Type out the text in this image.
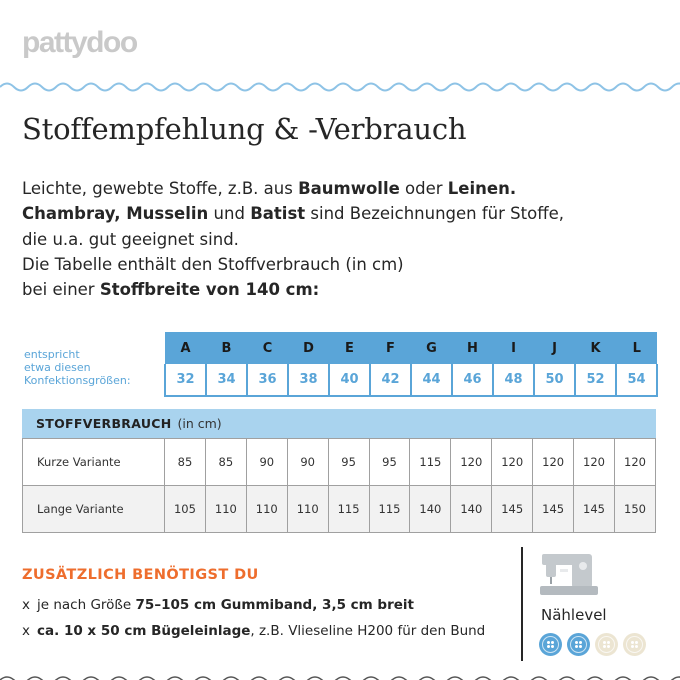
pattydoo
Stoffempfehlung & -Verbrauch
Leichte, gewebte Stoffe, z.B. aus Baumwolle oder Leinen.
Chambray, Musselin und Batist sind Bezeichnungen für Stoffe,
die u.a. gut geeignet sind.
Die Tabelle enthält den Stoffverbrauch (in cm)
bei einer Stoffbreite von 140 cm:
entspricht
etwa diesen
Konfektionsgrößen:
A	B	C	D	E	F	G	H	I	J	K	L
32	34	36	38	40	42	44	46	48	50	52	54
STOFFVERBRAUCH (in cm)
Kurze Variante	85	85	90	90	95	95	115	120	120	120	120	120
Lange Variante	105	110	110	110	115	115	140	140	145	145	145	150
ZUSÄTZLICH BENÖTIGST DU
x je nach Größe 75–105 cm Gummiband, 3,5 cm breit
x ca. 10 x 50 cm Bügeleinlage, z.B. Vlieseline H200 für den Bund
Nählevel
